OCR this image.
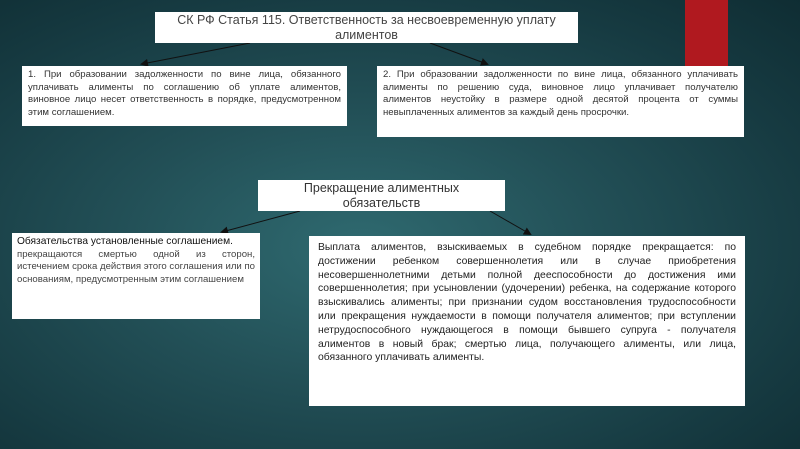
СК РФ Статья 115. Ответственность за несвоевременную уплату алиментов
1. При образовании задолженности по вине лица, обязанного уплачивать алименты по соглашению об уплате алиментов, виновное лицо несет ответственность в порядке, предусмотренном этим соглашением.
2. При образовании задолженности по вине лица, обязанного уплачивать алименты по решению суда, виновное лицо уплачивает получателю алиментов неустойку в размере одной десятой процента от суммы невыплаченных алиментов за каждый день просрочки.
Прекращение алиментных обязательств
Обязательства установленные соглашением.
прекращаются смертью одной из сторон, истечением срока действия этого соглашения или по основаниям, предусмотренным этим соглашением
Выплата алиментов, взыскиваемых в судебном порядке прекращается: по достижении ребенком совершеннолетия или в случае приобретения несовершеннолетними детьми полной дееспособности до достижения ими совершеннолетия; при усыновлении (удочерении) ребенка, на содержание которого взыскивались алименты; при признании судом восстановления трудоспособности или прекращения нуждаемости в помощи получателя алиментов; при вступлении нетрудоспособного нуждающегося в помощи бывшего супруга - получателя алиментов в новый брак; смертью лица, получающего алименты, или лица, обязанного уплачивать алименты.
